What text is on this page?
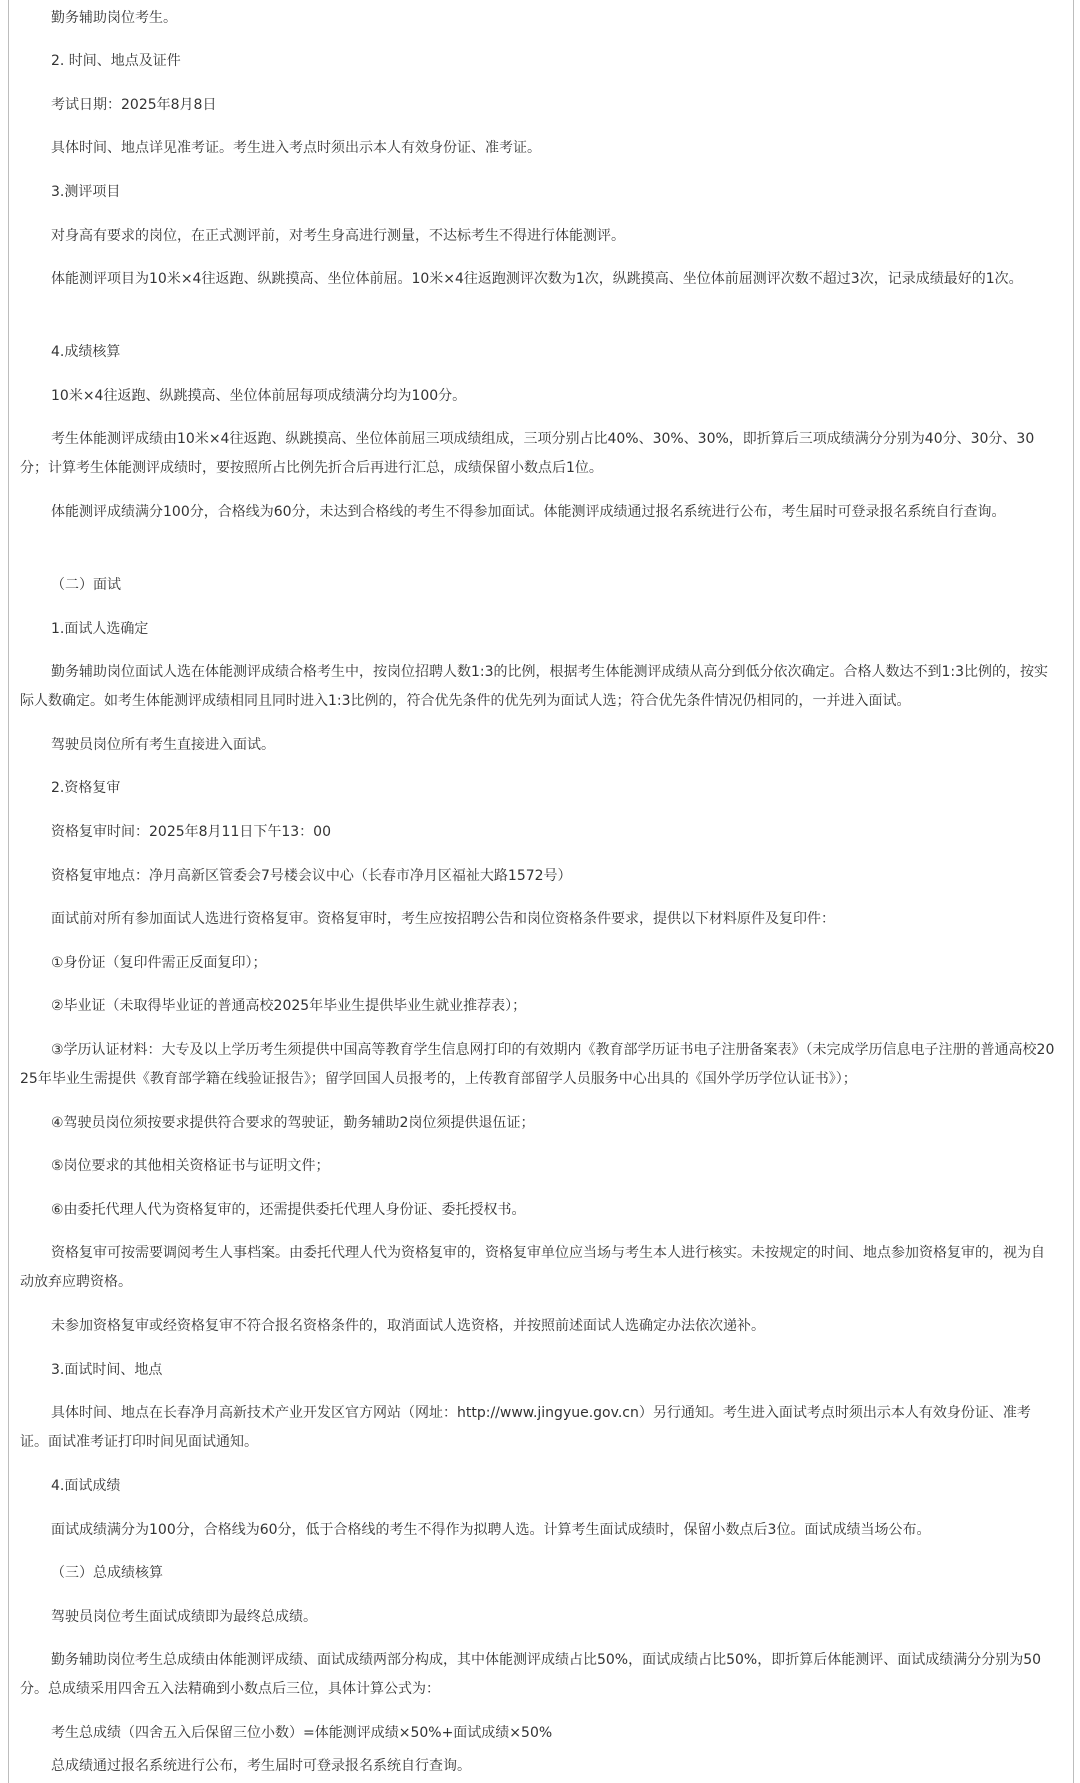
勤务辅助岗位考生。

2. 时间、地点及证件

考试日期：2025年8月8日

具体时间、地点详见准考证。考生进入考点时须出示本人有效身份证、准考证。

3.测评项目

对身高有要求的岗位，在正式测评前，对考生身高进行测量，不达标考生不得进行体能测评。

体能测评项目为10米×4往返跑、纵跳摸高、坐位体前屈。10米×4往返跑测评次数为1次，纵跳摸高、坐位体前屈测评次数不超过3次，记录成绩最好的1次。

4.成绩核算

10米×4往返跑、纵跳摸高、坐位体前屈每项成绩满分均为100分。

考生体能测评成绩由10米×4往返跑、纵跳摸高、坐位体前屈三项成绩组成，三项分别占比40%、30%、30%，即折算后三项成绩满分分别为40分、30分、30分；计算考生体能测评成绩时，要按照所占比例先折合后再进行汇总，成绩保留小数点后1位。

体能测评成绩满分100分，合格线为60分，未达到合格线的考生不得参加面试。体能测评成绩通过报名系统进行公布，考生届时可登录报名系统自行查询。

（二）面试

1.面试人选确定

勤务辅助岗位面试人选在体能测评成绩合格考生中，按岗位招聘人数1:3的比例，根据考生体能测评成绩从高分到低分依次确定。合格人数达不到1:3比例的，按实际人数确定。如考生体能测评成绩相同且同时进入1:3比例的，符合优先条件的优先列为面试人选；符合优先条件情况仍相同的，一并进入面试。

驾驶员岗位所有考生直接进入面试。

2.资格复审

资格复审时间：2025年8月11日下午13：00

资格复审地点：净月高新区管委会7号楼会议中心（长春市净月区福祉大路1572号）

面试前对所有参加面试人选进行资格复审。资格复审时，考生应按招聘公告和岗位资格条件要求，提供以下材料原件及复印件：

①身份证（复印件需正反面复印）；

②毕业证（未取得毕业证的普通高校2025年毕业生提供毕业生就业推荐表）；

③学历认证材料：大专及以上学历考生须提供中国高等教育学生信息网打印的有效期内《教育部学历证书电子注册备案表》（未完成学历信息电子注册的普通高校2025年毕业生需提供《教育部学籍在线验证报告》；留学回国人员报考的，上传教育部留学人员服务中心出具的《国外学历学位认证书》）；

④驾驶员岗位须按要求提供符合要求的驾驶证，勤务辅助2岗位须提供退伍证；

⑤岗位要求的其他相关资格证书与证明文件；

⑥由委托代理人代为资格复审的，还需提供委托代理人身份证、委托授权书。

资格复审可按需要调阅考生人事档案。由委托代理人代为资格复审的，资格复审单位应当场与考生本人进行核实。未按规定的时间、地点参加资格复审的，视为自动放弃应聘资格。

未参加资格复审或经资格复审不符合报名资格条件的，取消面试人选资格，并按照前述面试人选确定办法依次递补。

3.面试时间、地点

具体时间、地点在长春净月高新技术产业开发区官方网站（网址：http://www.jingyue.gov.cn）另行通知。考生进入面试考点时须出示本人有效身份证、准考证。面试准考证打印时间见面试通知。

4.面试成绩

面试成绩满分为100分，合格线为60分，低于合格线的考生不得作为拟聘人选。计算考生面试成绩时，保留小数点后3位。面试成绩当场公布。

（三）总成绩核算

驾驶员岗位考生面试成绩即为最终总成绩。

勤务辅助岗位考生总成绩由体能测评成绩、面试成绩两部分构成，其中体能测评成绩占比50%，面试成绩占比50%，即折算后体能测评、面试成绩满分分别为50分。总成绩采用四舍五入法精确到小数点后三位，具体计算公式为：

考生总成绩（四舍五入后保留三位小数）=体能测评成绩×50%+面试成绩×50%

总成绩通过报名系统进行公布，考生届时可登录报名系统自行查询。
